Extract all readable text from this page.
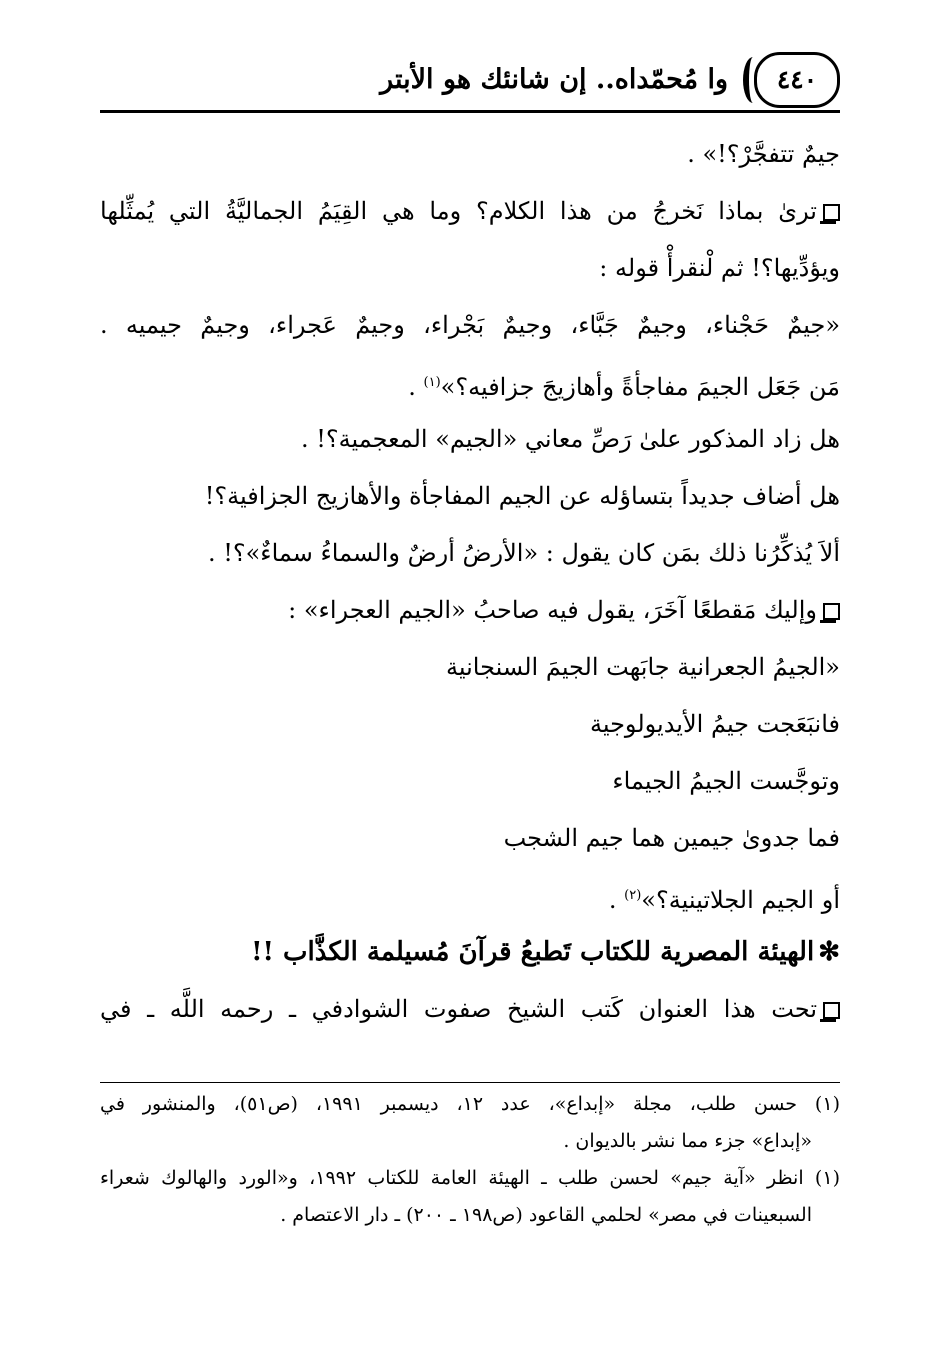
٤٤٠
وا مُحمّداه.. إن شانئك هو الأبتر
جيمٌ تتفجَّرْ؟!» .
ترىٰ بماذا نَخرجُ من هذا الكلام؟ وما هي القِيَمُ الجماليَّةُ التي يُمثِّلها
ويؤدِّيها؟! ثم لْنقرأْ قوله :
«جيمٌ حَجْناء، وجيمٌ جَبَّاء، وجيمٌ بَجْراء، وجيمٌ عَجراء، وجيمٌ جيميه .
مَن جَعَل الجيمَ مفاجأةً وأهازيجَ جزافيه؟»$^{(١)}$ .
هل زاد المذكور علىٰ رَصِّ معاني «الجيم» المعجمية؟! .
هل أضاف جديداً بتساؤله عن الجيم المفاجأة والأهازيج الجزافية؟!
ألاَ يُذكِّرُنا ذلك بمَن كان يقول : «الأرضُ أرضٌ والسماءُ سماءٌ»؟! .
وإليك مَقطعًا آخَرَ، يقول فيه صاحبُ «الجيم العجراء» :
«الجيمُ الجعرانية جابَهت الجيمَ السنجانية
فانبَعَجت جيمُ الأيديولوجية
وتوجَّست الجيمُ الجيماء
فما جدوىٰ جيمين هما جيم الشجب
أو الجيم الجلاتينية؟»$^{(٢)}$ .
✻الهيئة المصرية للكتاب تَطبعُ قرآنَ مُسيلمة الكذَّاب !!
تحت هذا العنوان كَتب الشيخ صفوت الشوادفي ـ رحمه اللَّه ـ في
(١) حسن طلب، مجلة «إبداع»، عدد ١٢، ديسمبر ١٩٩١، (ص٥١)، والمنشور في
«إبداع» جزء مما نشر بالديوان .
(١) انظر «آية جيم» لحسن طلب ـ الهيئة العامة للكتاب ١٩٩٢، و«الورد والهالوك شعراء
السبعينات في مصر» لحلمي القاعود (ص١٩٨ ـ ٢٠٠) ـ دار الاعتصام .
